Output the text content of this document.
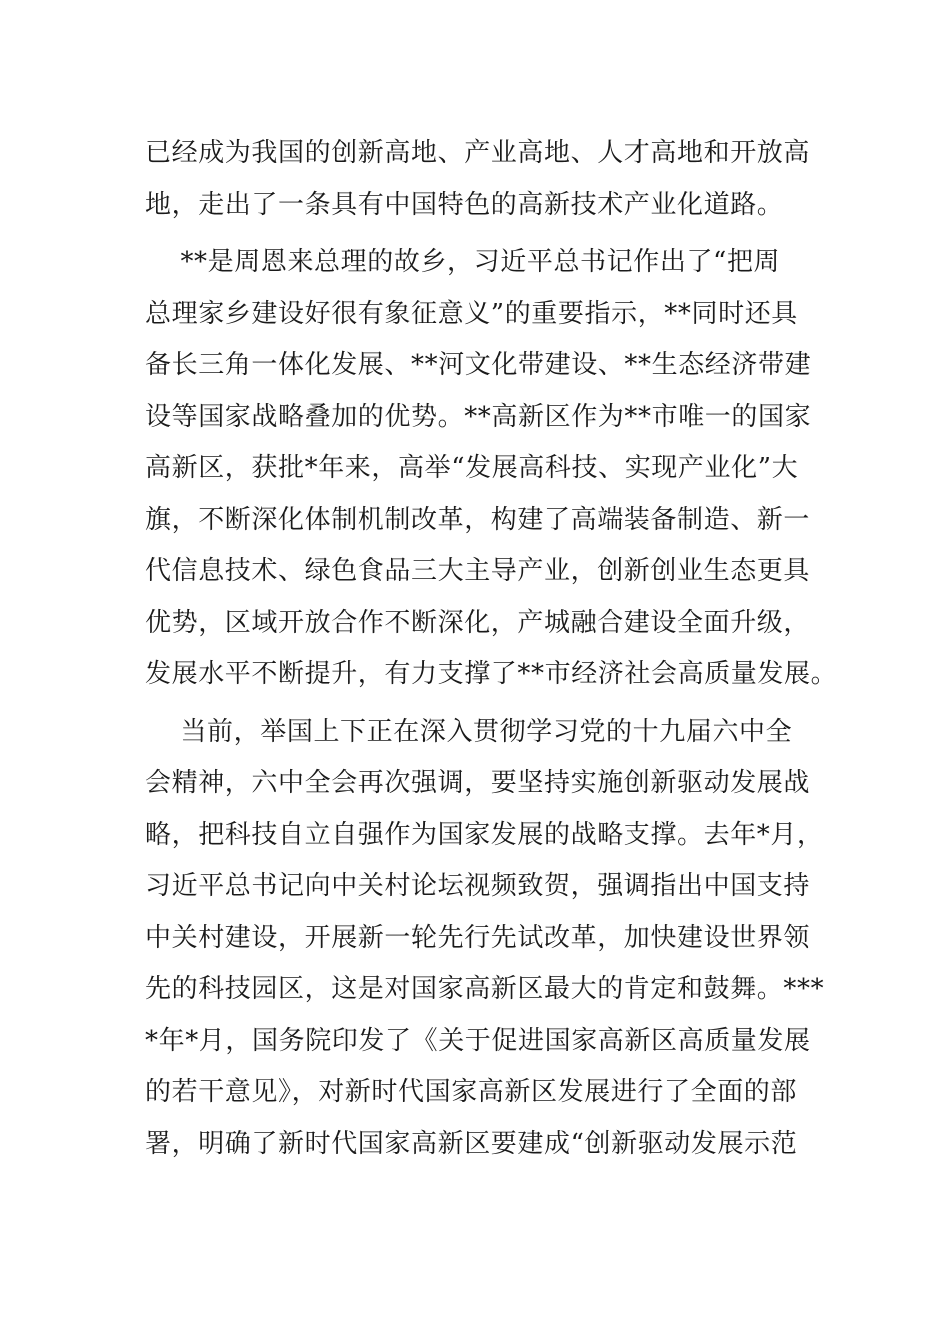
已经成为我国的创新高地、产业高地、人才高地和开放高
地，走出了一条具有中国特色的高新技术产业化道路。
**是周恩来总理的故乡，习近平总书记作出了“把周
总理家乡建设好很有象征意义”的重要指示，**同时还具
备长三角一体化发展、**河文化带建设、**生态经济带建
设等国家战略叠加的优势。**高新区作为**市唯一的国家
高新区，获批*年来，高举“发展高科技、实现产业化”大
旗，不断深化体制机制改革，构建了高端装备制造、新一
代信息技术、绿色食品三大主导产业，创新创业生态更具
优势，区域开放合作不断深化，产城融合建设全面升级，
发展水平不断提升，有力支撑了**市经济社会高质量发展。
当前，举国上下正在深入贯彻学习党的十九届六中全
会精神，六中全会再次强调，要坚持实施创新驱动发展战
略，把科技自立自强作为国家发展的战略支撑。去年*月，
习近平总书记向中关村论坛视频致贺，强调指出中国支持
中关村建设，开展新一轮先行先试改革，加快建设世界领
先的科技园区，这是对国家高新区最大的肯定和鼓舞。***
*年*月，国务院印发了《关于促进国家高新区高质量发展
的若干意见》，对新时代国家高新区发展进行了全面的部
署，明确了新时代国家高新区要建成“创新驱动发展示范
